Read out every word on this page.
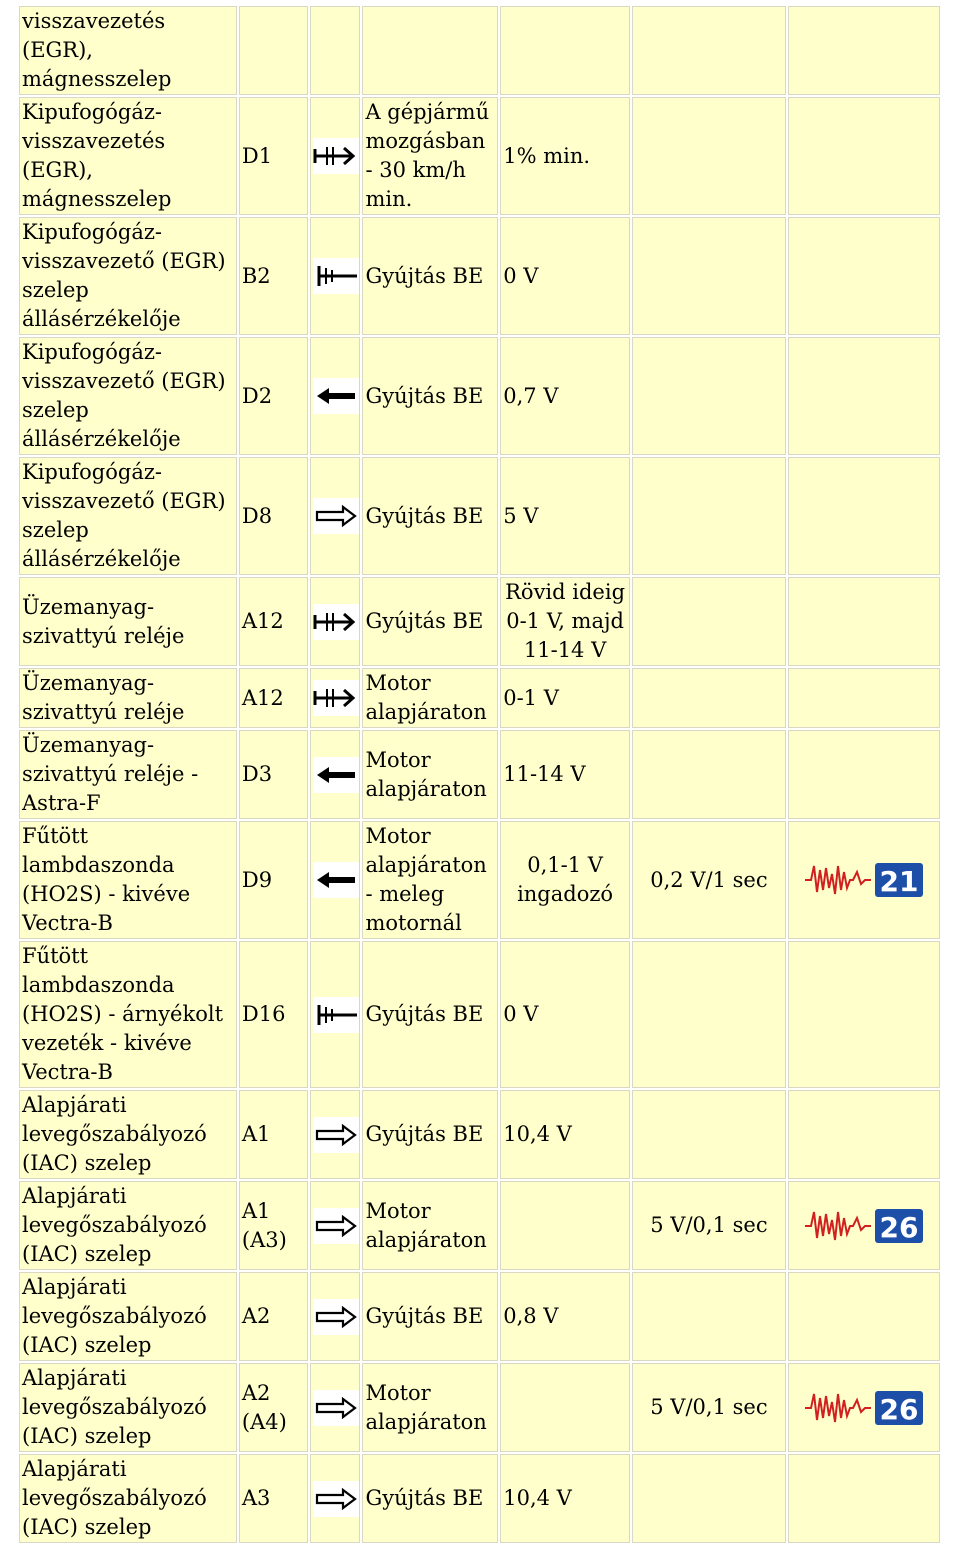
visszavezetés (EGR), mágnesszelep						
Kipufogógáz-visszavezetés (EGR), mágnesszelep	D1		A gépjármű mozgásban - 30 km/h min.	1% min.		
Kipufogógáz-visszavezető (EGR) szelep állásérzékelője	B2		Gyújtás BE	0 V		
Kipufogógáz-visszavezető (EGR) szelep állásérzékelője	D2		Gyújtás BE	0,7 V		
Kipufogógáz-visszavezető (EGR) szelep állásérzékelője	D8		Gyújtás BE	5 V		
Üzemanyag-szivattyú reléje	A12		Gyújtás BE	Rövid ideig 0-1 V, majd 11-14 V		
Üzemanyag-szivattyú reléje	A12		Motor alapjáraton	0-1 V		
Üzemanyag-szivattyú reléje - Astra-F	D3		Motor alapjáraton	11-14 V		
Fűtött lambdaszonda (HO2S) - kivéve Vectra-B	D9		Motor alapjáraton - meleg motornál	0,1-1 V ingadozó	0,2 V/1 sec	21

Fűtött lambdaszonda (HO2S) - árnyékolt vezeték - kivéve Vectra-B	D16		Gyújtás BE	0 V		
Alapjárati levegőszabályozó (IAC) szelep	A1		Gyújtás BE	10,4 V		
Alapjárati levegőszabályozó (IAC) szelep	A1 (A3)		Motor alapjáraton		5 V/0,1 sec	26

Alapjárati levegőszabályozó (IAC) szelep	A2		Gyújtás BE	0,8 V		
Alapjárati levegőszabályozó (IAC) szelep	A2 (A4)		Motor alapjáraton		5 V/0,1 sec	26

Alapjárati levegőszabályozó (IAC) szelep	A3		Gyújtás BE	10,4 V		
